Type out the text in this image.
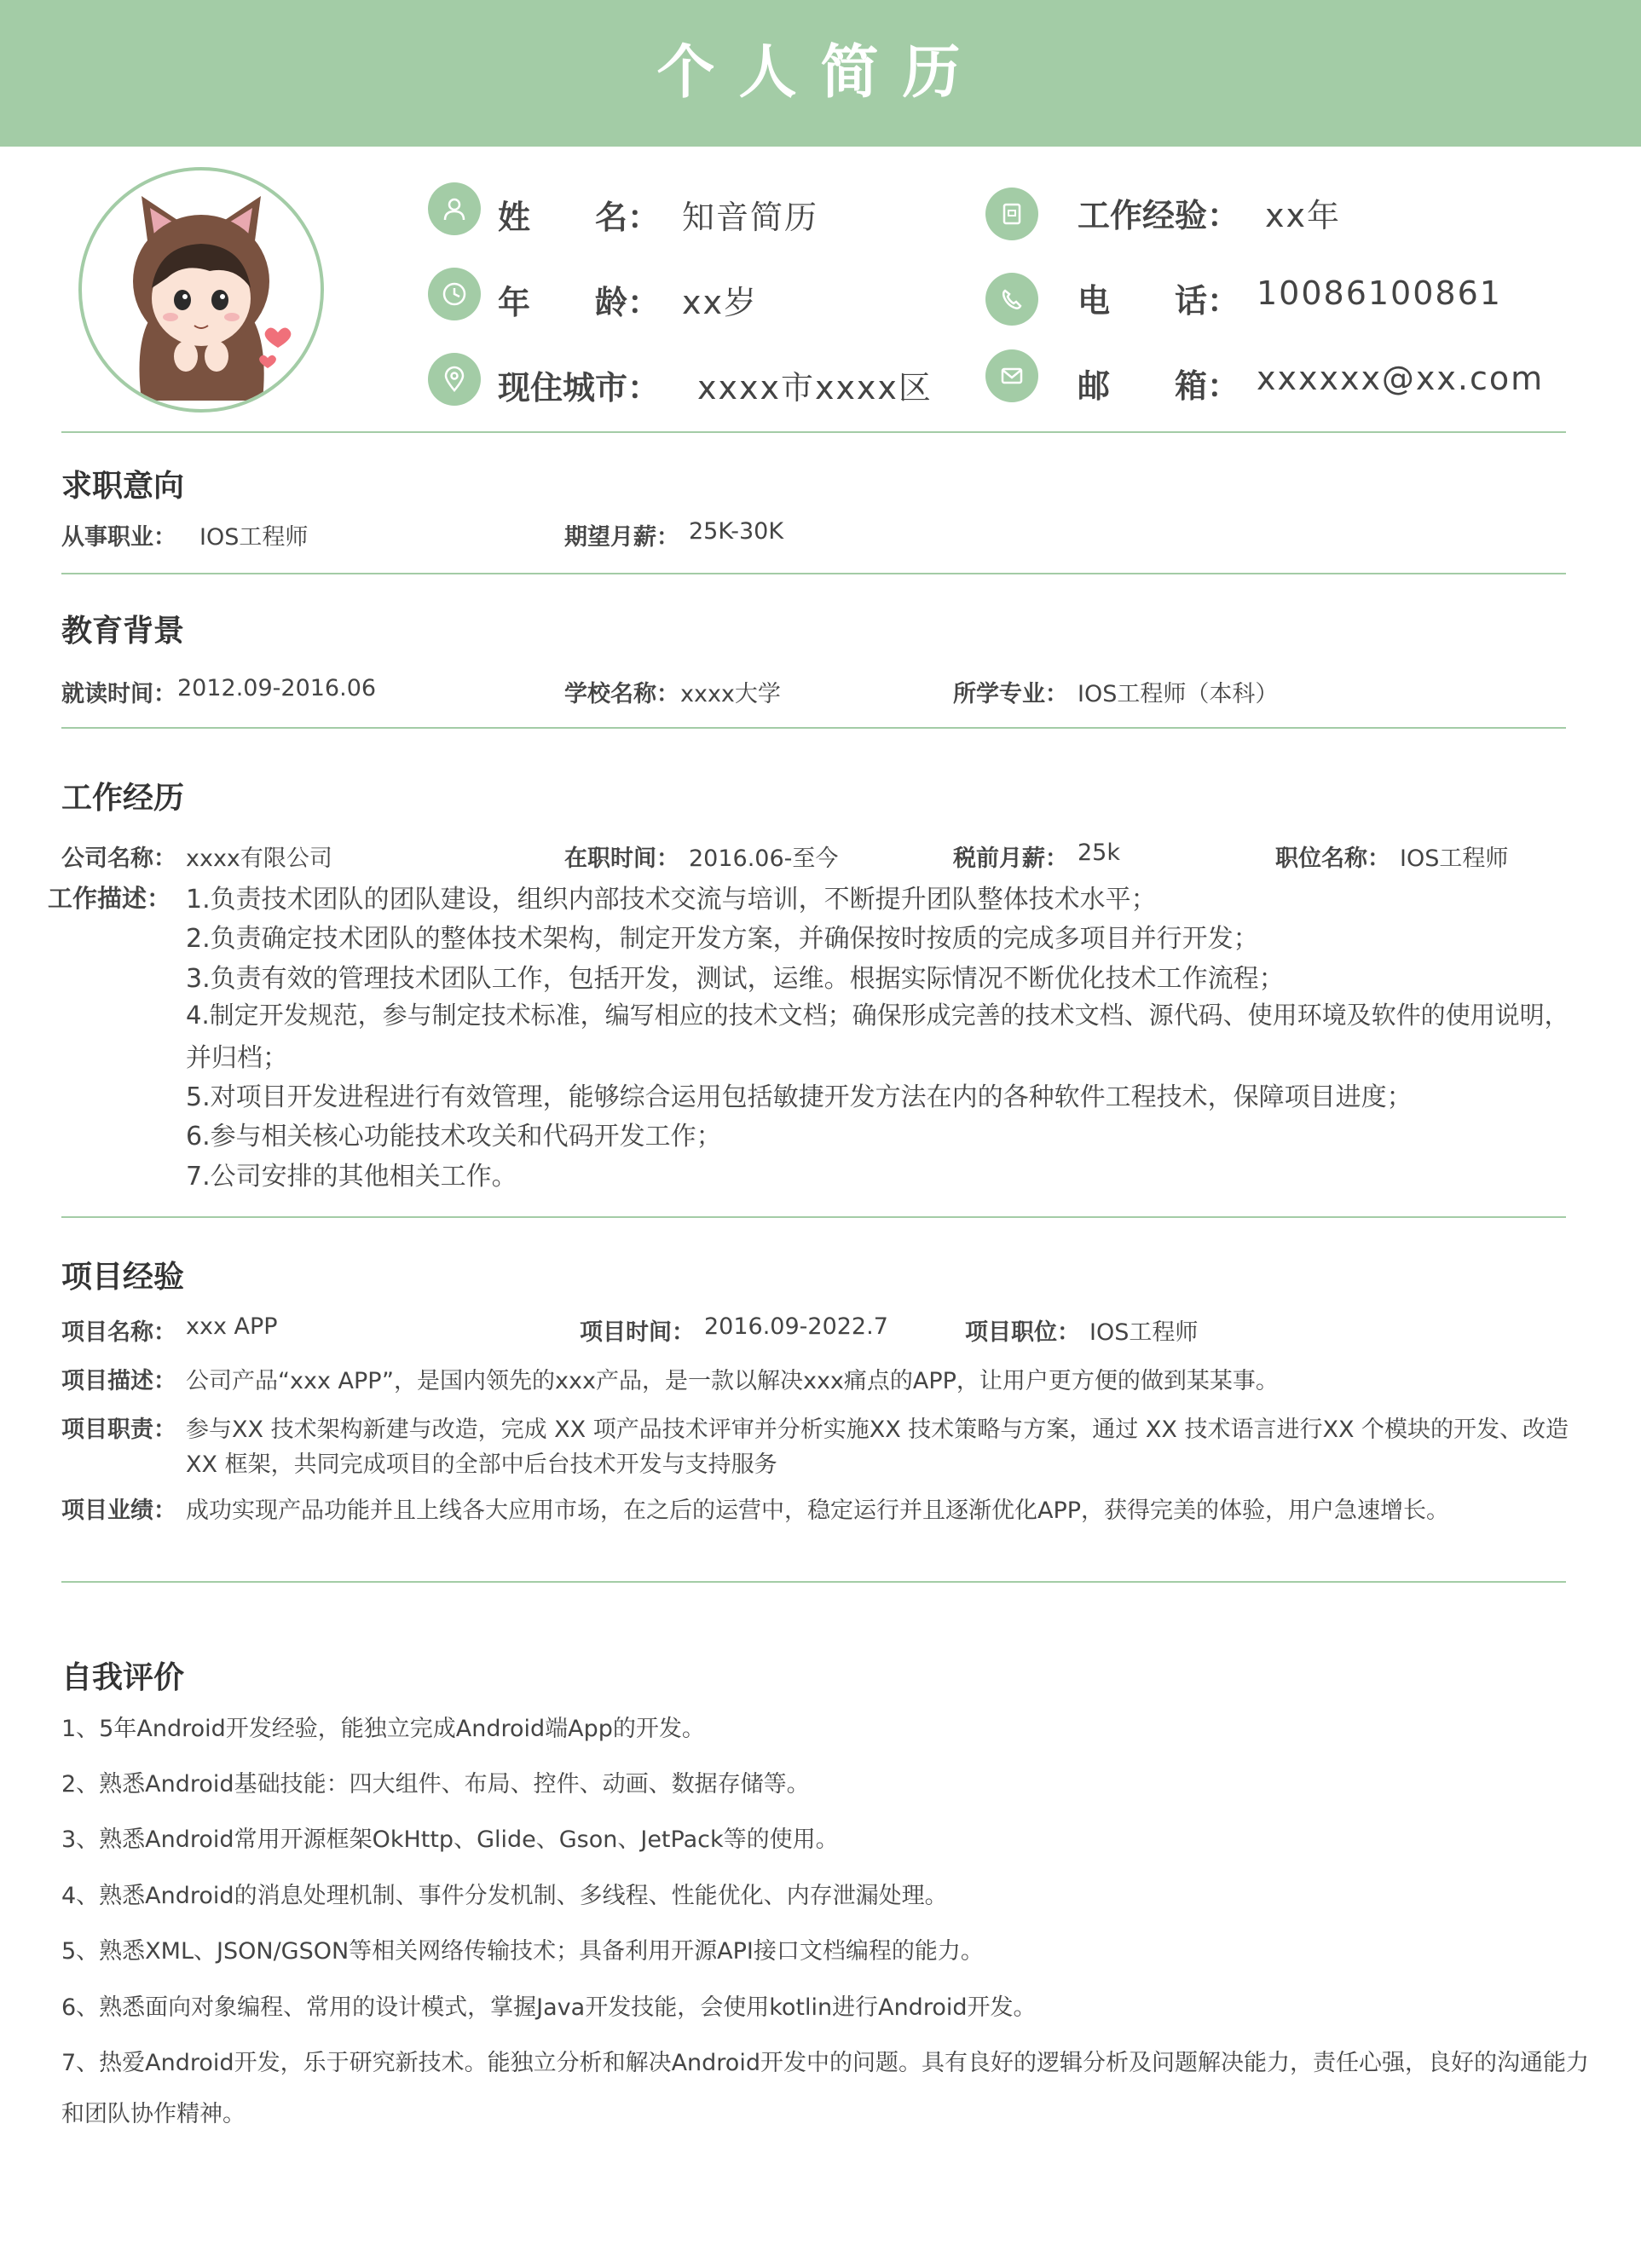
个人简历
姓　　名： 知音简历
年　　龄： xx岁
现住城市： xxxx市xxxx区
工作经验： xx年
电　　话： 10086100861
邮　　箱： xxxxxx@xx.com
求职意向
从事职业： IOS工程师	期望月薪： 25K-30K
教育背景
就读时间： 2012.09-2016.06	学校名称： xxxx大学	所学专业： IOS工程师（本科）
工作经历
公司名称： xxxx有限公司	在职时间： 2016.06-至今	税前月薪： 25k	职位名称： IOS工程师
工作描述： 1.负责技术团队的团队建设，组织内部技术交流与培训，不断提升团队整体技术水平；
2.负责确定技术团队的整体技术架构，制定开发方案，并确保按时按质的完成多项目并行开发；
3.负责有效的管理技术团队工作，包括开发，测试，运维。根据实际情况不断优化技术工作流程；
4.制定开发规范，参与制定技术标准，编写相应的技术文档；确保形成完善的技术文档、源代码、使用环境及软件的使用说明，
并归档；
5.对项目开发进程进行有效管理，能够综合运用包括敏捷开发方法在内的各种软件工程技术，保障项目进度；
6.参与相关核心功能技术攻关和代码开发工作；
7.公司安排的其他相关工作。
项目经验
项目名称： xxx APP	项目时间： 2016.09-2022.7	项目职位： IOS工程师
项目描述： 公司产品“xxx APP”，是国内领先的xxx产品，是一款以解决xxx痛点的APP，让用户更方便的做到某某事。
项目职责： 参与XX 技术架构新建与改造，完成 XX 项产品技术评审并分析实施XX 技术策略与方案，通过 XX 技术语言进行XX 个模块的开发、改造
XX 框架，共同完成项目的全部中后台技术开发与支持服务
项目业绩： 成功实现产品功能并且上线各大应用市场，在之后的运营中，稳定运行并且逐渐优化APP，获得完美的体验，用户急速增长。
自我评价
1、5年Android开发经验，能独立完成Android端App的开发。
2、熟悉Android基础技能：四大组件、布局、控件、动画、数据存储等。
3、熟悉Android常用开源框架OkHttp、Glide、Gson、JetPack等的使用。
4、熟悉Android的消息处理机制、事件分发机制、多线程、性能优化、内存泄漏处理。
5、熟悉XML、JSON/GSON等相关网络传输技术；具备利用开源API接口文档编程的能力。
6、熟悉面向对象编程、常用的设计模式，掌握Java开发技能，会使用kotlin进行Android开发。
7、热爱Android开发，乐于研究新技术。能独立分析和解决Android开发中的问题。具有良好的逻辑分析及问题解决能力，责任心强，良好的沟通能力
和团队协作精神。
